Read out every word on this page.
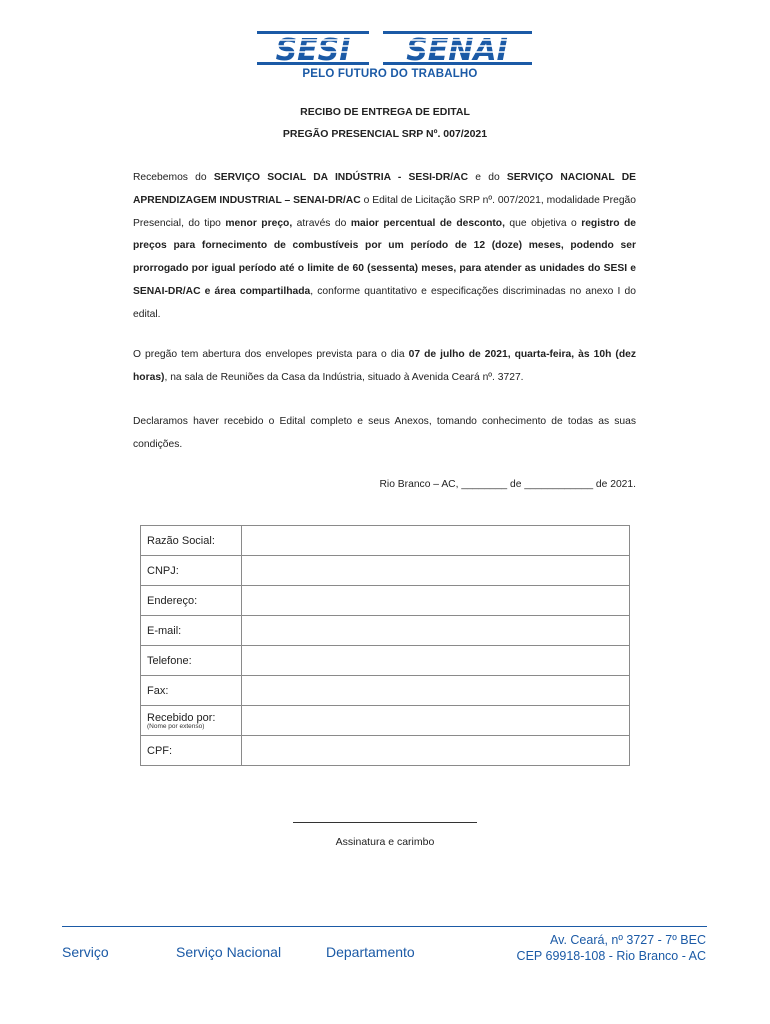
SESI SENAI
PELO FUTURO DO TRABALHO
RECIBO DE ENTREGA DE EDITAL
PREGÃO PRESENCIAL SRP Nº. 007/2021
Recebemos do SERVIÇO SOCIAL DA INDÚSTRIA - SESI-DR/AC e do SERVIÇO NACIONAL DE APRENDIZAGEM INDUSTRIAL – SENAI-DR/AC o Edital de Licitação SRP nº. 007/2021, modalidade Pregão Presencial, do tipo menor preço, através do maior percentual de desconto, que objetiva o registro de preços para fornecimento de combustíveis por um período de 12 (doze) meses, podendo ser prorrogado por igual período até o limite de 60 (sessenta) meses, para atender as unidades do SESI e SENAI-DR/AC e área compartilhada, conforme quantitativo e especificações discriminadas no anexo I do edital.
O pregão tem abertura dos envelopes prevista para o dia 07 de julho de 2021, quarta-feira, às 10h (dez horas), na sala de Reuniões da Casa da Indústria, situado à Avenida Ceará nº. 3727.
Declaramos haver recebido o Edital completo e seus Anexos, tomando conhecimento de todas as suas condições.
Rio Branco – AC, ________ de ____________ de 2021.
Razão Social:	
CNPJ:	
Endereço:	
E-mail:	
Telefone:	
Fax:	
Recebido por:
(Nome por extenso)	

CPF:	
Assinatura e carimbo
Serviço	Serviço Nacional	Departamento
Av. Ceará, nº 3727 - 7º BEC
CEP 69918-108 - Rio Branco - AC
